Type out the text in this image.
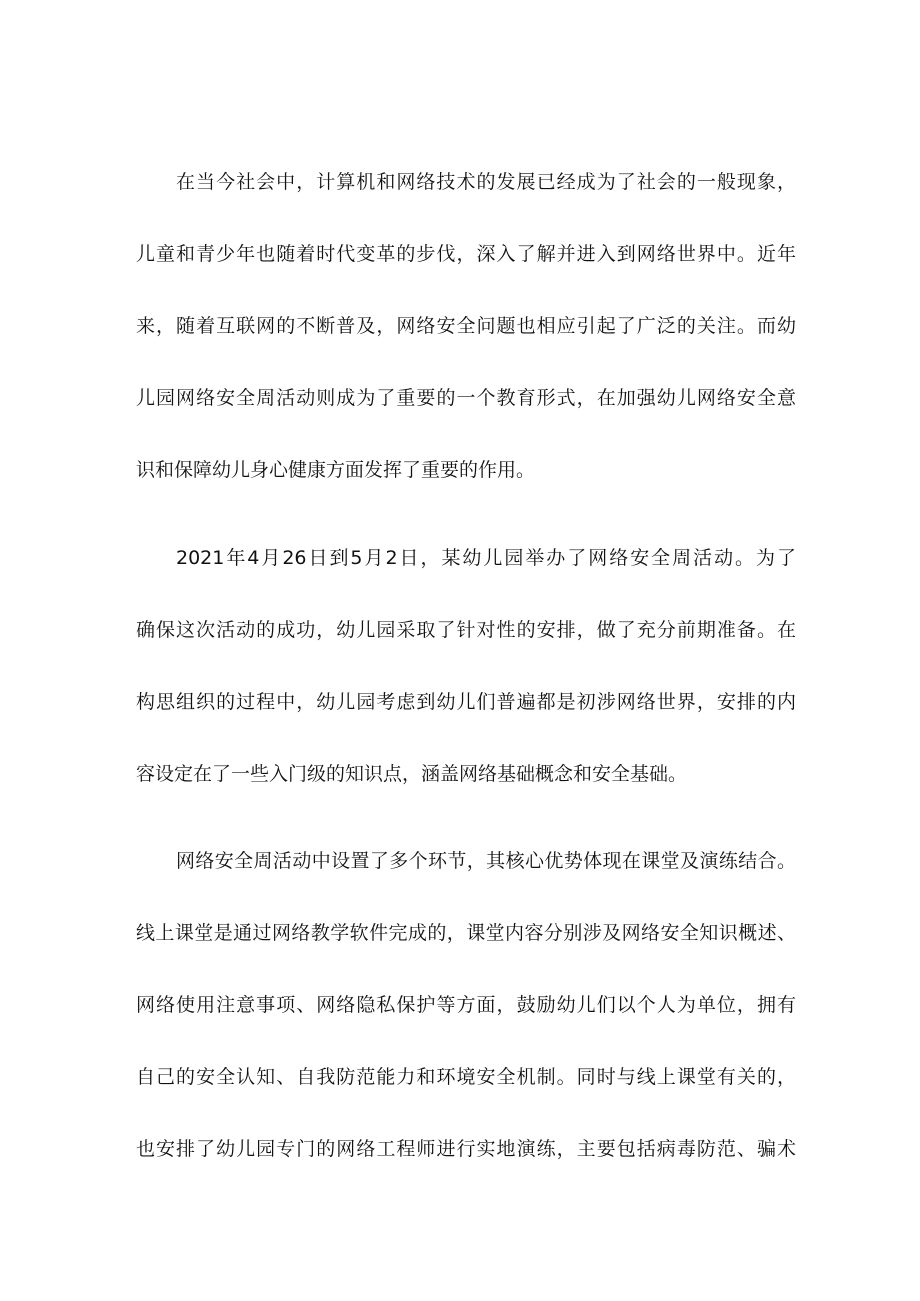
在当今社会中，计算机和网络技术的发展已经成为了社会的一般现象，
儿童和青少年也随着时代变革的步伐，深入了解并进入到网络世界中。近年
来，随着互联网的不断普及，网络安全问题也相应引起了广泛的关注。而幼
儿园网络安全周活动则成为了重要的一个教育形式，在加强幼儿网络安全意
识和保障幼儿身心健康方面发挥了重要的作用。
2021年4月26日到5月2日，某幼儿园举办了网络安全周活动。为了
确保这次活动的成功，幼儿园采取了针对性的安排，做了充分前期准备。在
构思组织的过程中，幼儿园考虑到幼儿们普遍都是初涉网络世界，安排的内
容设定在了一些入门级的知识点，涵盖网络基础概念和安全基础。
网络安全周活动中设置了多个环节，其核心优势体现在课堂及演练结合。
线上课堂是通过网络教学软件完成的，课堂内容分别涉及网络安全知识概述、
网络使用注意事项、网络隐私保护等方面，鼓励幼儿们以个人为单位，拥有
自己的安全认知、自我防范能力和环境安全机制。同时与线上课堂有关的，
也安排了幼儿园专门的网络工程师进行实地演练，主要包括病毒防范、骗术
